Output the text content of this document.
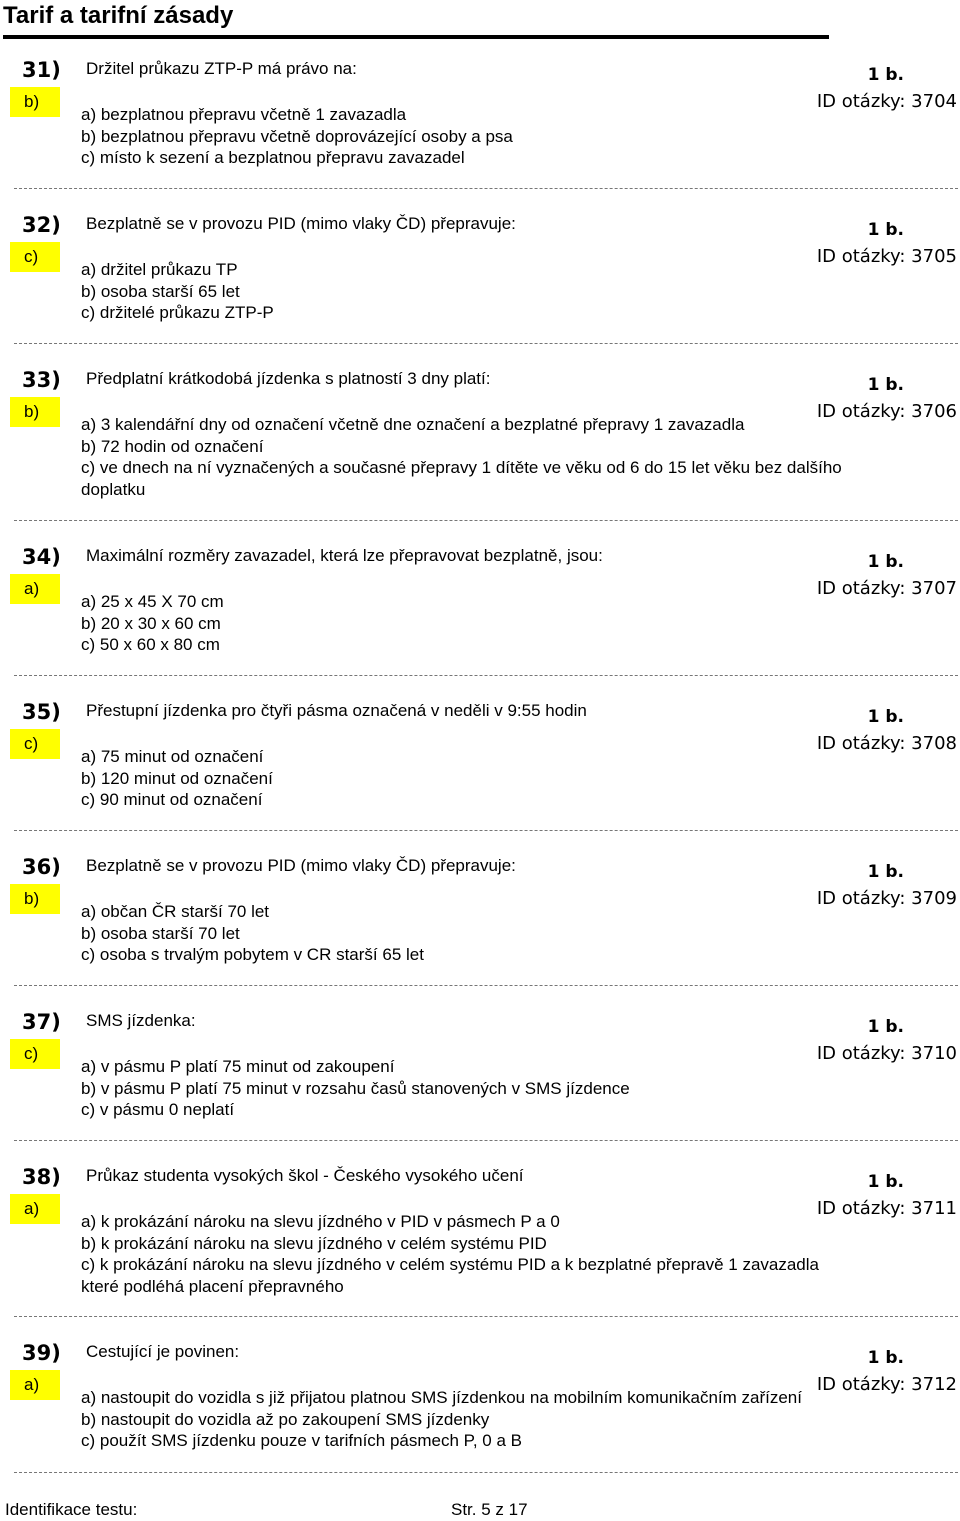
Tarif a tarifní zásady
31)
b)
Držitel průkazu ZTP-P má právo na:	1 b.
ID otázky: 3704
a) bezplatnou přepravu včetně 1 zavazadla
b) bezplatnou přepravu včetně doprovázející osoby a psa
c) místo k sezení a bezplatnou přepravu zavazadel
32)
c)
Bezplatně se v provozu PID (mimo vlaky ČD) přepravuje:	1 b.
ID otázky: 3705
a) držitel průkazu TP
b) osoba starší 65 let
c) držitelé průkazu ZTP-P
33)
b)
Předplatní krátkodobá jízdenka s platností 3 dny platí:	1 b.
ID otázky: 3706
a) 3 kalendářní dny od označení včetně dne označení a bezplatné přepravy 1 zavazadla
b) 72 hodin od označení
c) ve dnech na ní vyznačených a současné přepravy 1 dítěte ve věku od 6 do 15 let věku bez dalšího
doplatku
34)
a)
Maximální rozměry zavazadel, která lze přepravovat bezplatně, jsou:	1 b.
ID otázky: 3707
a) 25 x 45 X 70 cm
b) 20 x 30 x 60 cm
c) 50 x 60 x 80 cm
35)
c)
Přestupní jízdenka pro čtyři pásma označená v neděli v 9:55 hodin	1 b.
ID otázky: 3708
a) 75 minut od označení
b) 120 minut od označení
c) 90 minut od označení
36)
b)
Bezplatně se v provozu PID (mimo vlaky ČD) přepravuje:	1 b.
ID otázky: 3709
a) občan ČR starší 70 let
b) osoba starší 70 let
c) osoba s trvalým pobytem v CR starší 65 let
37)
c)
SMS jízdenka:	1 b.
ID otázky: 3710
a) v pásmu P platí 75 minut od zakoupení
b) v pásmu P platí 75 minut v rozsahu časů stanovených v SMS jízdence
c) v pásmu 0 neplatí
38)
a)
Průkaz studenta vysokých škol - Českého vysokého učení	1 b.
ID otázky: 3711
a) k prokázání nároku na slevu jízdného v PID v pásmech P a 0
b) k prokázání nároku na slevu jízdného v celém systému PID
c) k prokázání nároku na slevu jízdného v celém systému PID a k bezplatné přepravě 1 zavazadla
které podléhá placení přepravného
39)
a)
Cestující je povinen:	1 b.
ID otázky: 3712
a) nastoupit do vozidla s již přijatou platnou SMS jízdenkou na mobilním komunikačním zařízení
b) nastoupit do vozidla až po zakoupení SMS jízdenky
c) použít SMS jízdenku pouze v tarifních pásmech P, 0 a B
Identifikace testu:	Str. 5 z 17
